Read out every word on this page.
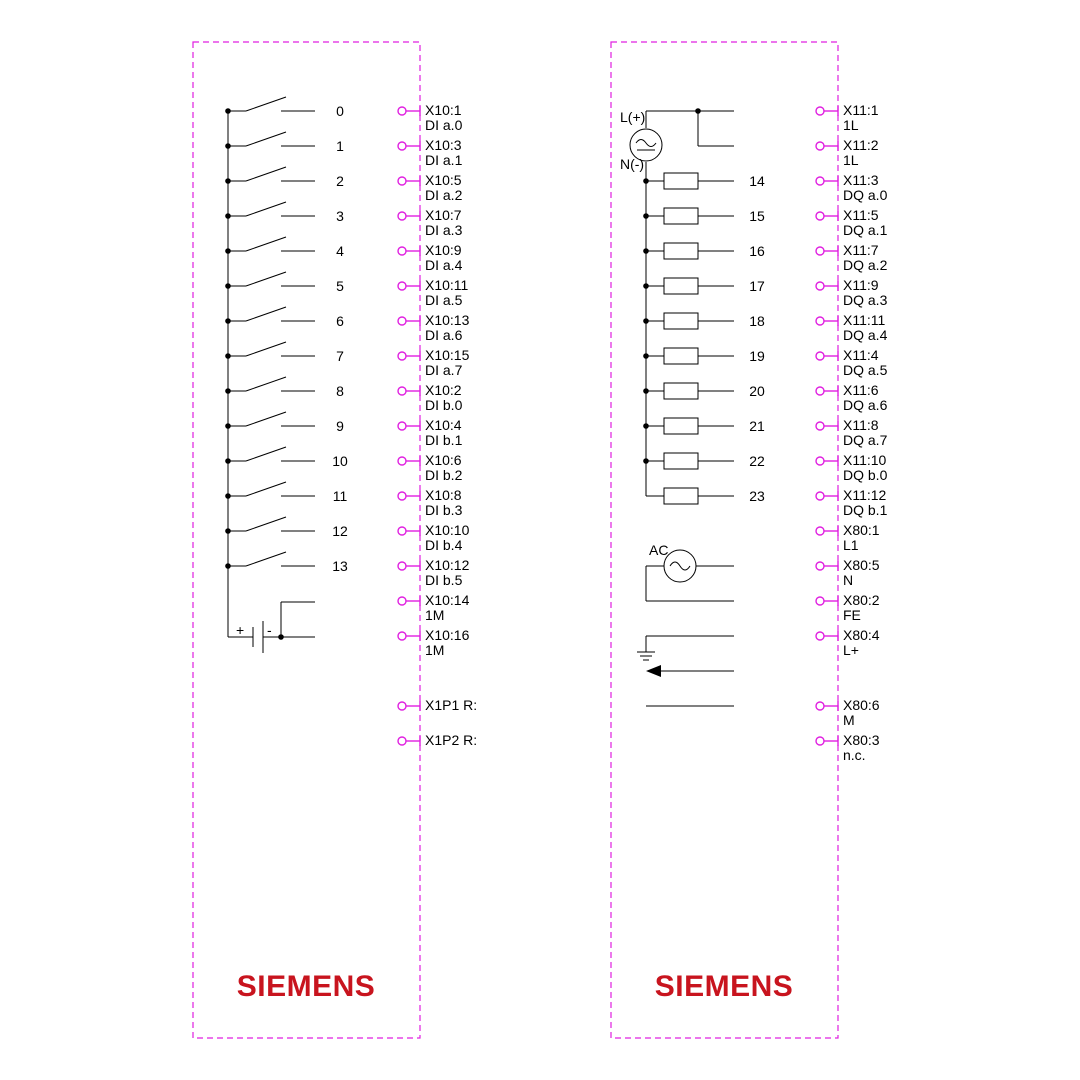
+ -
L(+)
N(-)
AC
SIEMENS	SIEMENS
0
1
2
3
4
5
6
7
8
9
10
11
12
13
X10:1
DI a.0
X10:3
DI a.1
X10:5
DI a.2
X10:7
DI a.3
X10:9
DI a.4
X10:11
DI a.5
X10:13
DI a.6
X10:15
DI a.7
X10:2
DI b.0
X10:4
DI b.1
X10:6
DI b.2
X10:8
DI b.3
X10:10
DI b.4
X10:12
DI b.5
X10:14
1M
X10:16
1M
X1P1 R:
X1P2 R:
14
15
16
17
18
19
20
21
22
23
X11:1
1L
X11:2
1L
X11:3
DQ a.0
X11:5
DQ a.1
X11:7
DQ a.2
X11:9
DQ a.3
X11:11
DQ a.4
X11:4
DQ a.5
X11:6
DQ a.6
X11:8
DQ a.7
X11:10
DQ b.0
X11:12
DQ b.1
X80:1
L1
X80:5
N
X80:2
FE
X80:4
L+
X80:6
M
X80:3
n.c.
